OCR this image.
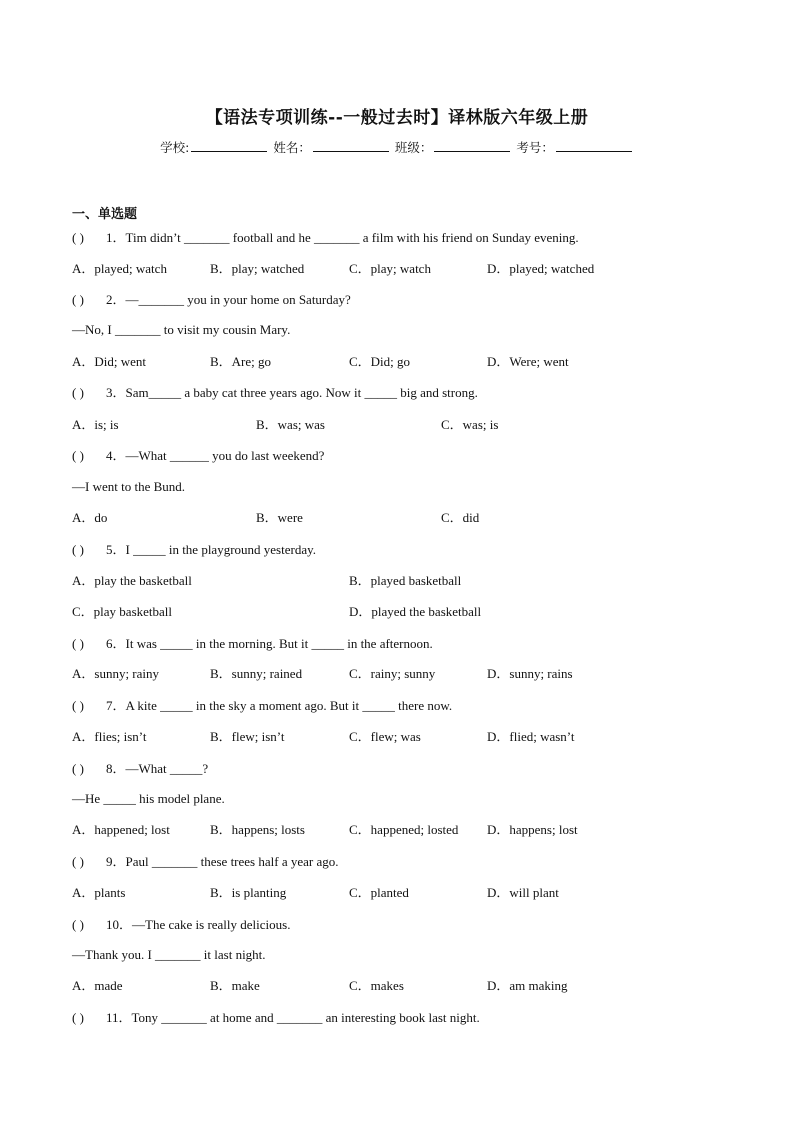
【语法专项训练--一般过去时】译林版六年级上册
学校:	姓名：	班级：	考号：
一、单选题
( ) 1．Tim didn’t _______ football and he _______ a film with his friend on Sunday evening.
A．played; watch	B．play; watched	C．play; watch	D．played; watched
( ) 2．—_______ you in your home on Saturday?
—No, I _______ to visit my cousin Mary.
A．Did; went	B．Are; go	C．Did; go	D．Were; went
( ) 3．Sam_____ a baby cat three years ago. Now it _____ big and strong.
A．is; is	B．was; was	C．was; is
( ) 4．—What ______ you do last weekend?
—I went to the Bund.
A．do	B．were	C．did
( ) 5．I _____ in the playground yesterday.
A．play the basketball	B．played basketball
C．play basketball	D．played the basketball
( ) 6．It was _____ in the morning. But it _____ in the afternoon.
A．sunny; rainy	B．sunny; rained	C．rainy; sunny	D．sunny; rains
( ) 7．A kite _____ in the sky a moment ago. But it _____ there now.
A．flies; isn’t	B．flew; isn’t	C．flew; was	D．flied; wasn’t
( ) 8．—What _____?
—He _____ his model plane.
A．happened; lost	B．happens; losts	C．happened; losted D．happens; lost
( ) 9．Paul _______ these trees half a year ago.
A．plants	B．is planting	C．planted	D．will plant
( ) 10．—The cake is really delicious.
—Thank you. I _______ it last night.
A．made	B．make	C．makes	D．am making
( ) 11．Tony _______ at home and _______ an interesting book last night.
